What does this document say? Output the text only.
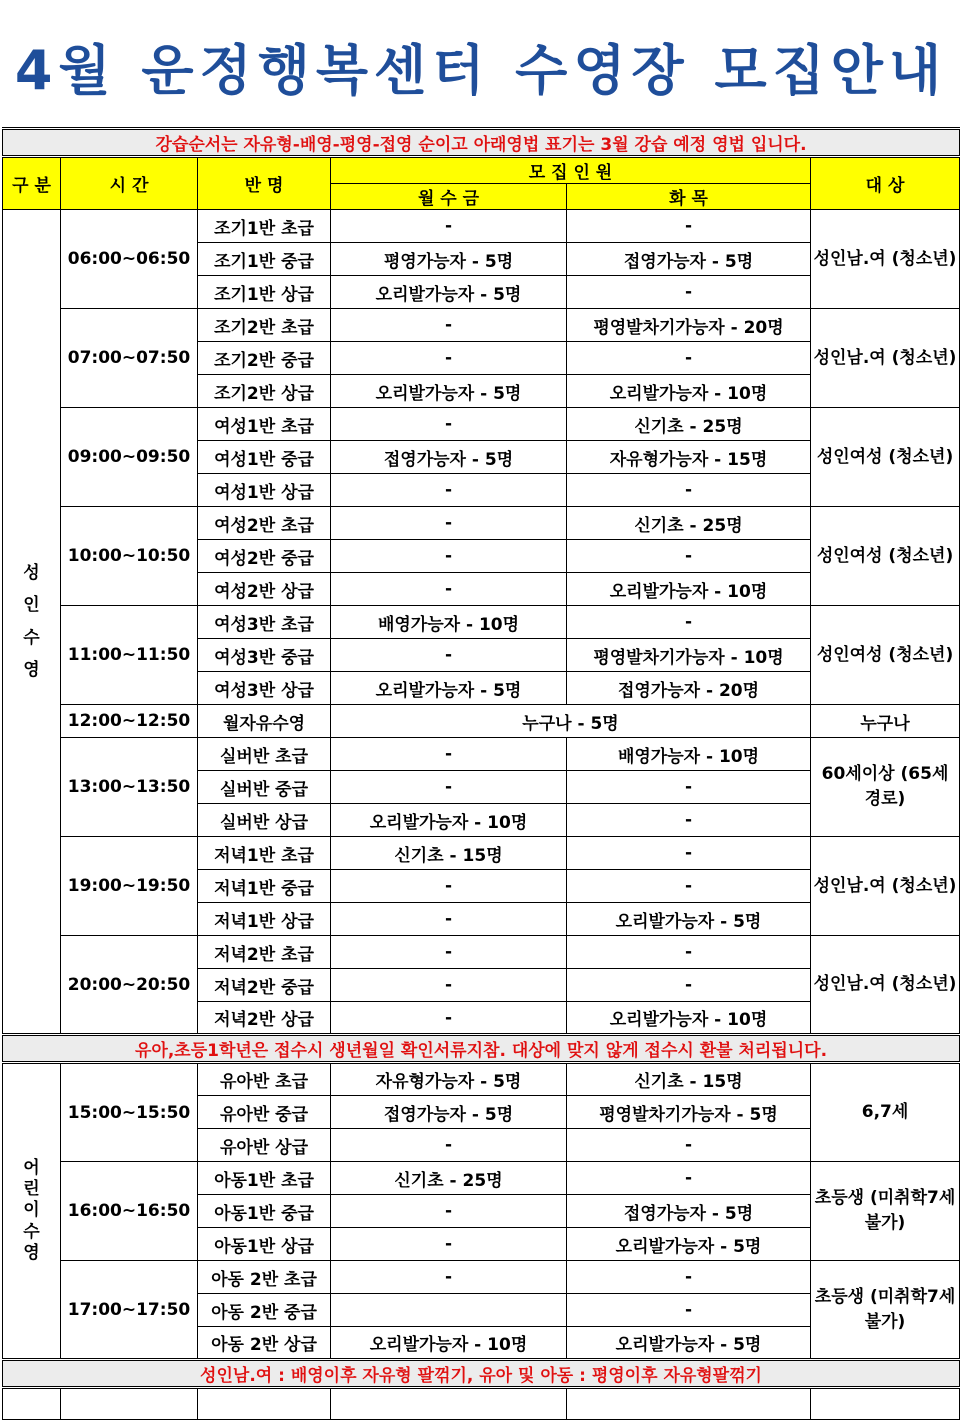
4월 운정행복센터 수영장 모집안내
강습순서는 자유형-배영-평영-접영 순이고 아래영법 표기는 3월 강습 예정 영법 입니다.					
구 분	시 간	반 명	모 집 인 원		대 상
			월 수 금	화 목	
성
인
수
영	06:00~06:50	조기1반 초급	-	-	성인남.여 (청소년)
		조기1반 중급	평영가능자 - 5명	접영가능자 - 5명	
		조기1반 상급	오리발가능자 - 5명	-	
	07:00~07:50	조기2반 초급	-	평영발차기가능자 - 20명	성인남.여 (청소년)
		조기2반 중급	-	-	
		조기2반 상급	오리발가능자 - 5명	오리발가능자 - 10명	
	09:00~09:50	여성1반 초급	-	신기초 - 25명	성인여성 (청소년)
		여성1반 중급	접영가능자 - 5명	자유형가능자 - 15명	
		여성1반 상급	-	-	
	10:00~10:50	여성2반 초급	-	신기초 - 25명	성인여성 (청소년)
		여성2반 중급	-	-	
		여성2반 상급	-	오리발가능자 - 10명	
	11:00~11:50	여성3반 초급	배영가능자 - 10명	-	성인여성 (청소년)
		여성3반 중급	-	평영발차기가능자 - 10명	
		여성3반 상급	오리발가능자 - 5명	접영가능자 - 20명	
	12:00~12:50	월자유수영	누구나 - 5명		누구나
	13:00~13:50	실버반 초급	-	배영가능자 - 10명	60세이상 (65세 경로)
		실버반 중급	-	-	
		실버반 상급	오리발가능자 - 10명	-	
	19:00~19:50	저녁1반 초급	신기초 - 15명	-	성인남.여 (청소년)
		저녁1반 중급	-	-	
		저녁1반 상급	-	오리발가능자 - 5명	
	20:00~20:50	저녁2반 초급	-	-	성인남.여 (청소년)
		저녁2반 중급	-	-	
		저녁2반 상급	-	오리발가능자 - 10명	
유아,초등1학년은 접수시 생년월일 확인서류지참. 대상에 맞지 않게 접수시 환불 처리됩니다.					
어
린
이
수
영	15:00~15:50	유아반 초급	자유형가능자 - 5명	신기초 - 15명	6,7세
		유아반 중급	접영가능자 - 5명	평영발차기가능자 - 5명	
		유아반 상급	-	-	
	16:00~16:50	아동1반 초급	신기초 - 25명	-	초등생 (미취학7세불가)
		아동1반 중급	-	접영가능자 - 5명	
		아동1반 상급	-	오리발가능자 - 5명	
	17:00~17:50	아동 2반 초급	-	-	초등생 (미취학7세불가)
		아동 2반 중급		-	
		아동 2반 상급	오리발가능자 - 10명	오리발가능자 - 5명	
성인남.여 : 배영이후 자유형 팔꺾기, 유아 및 아동 : 평영이후 자유형팔꺾기					
